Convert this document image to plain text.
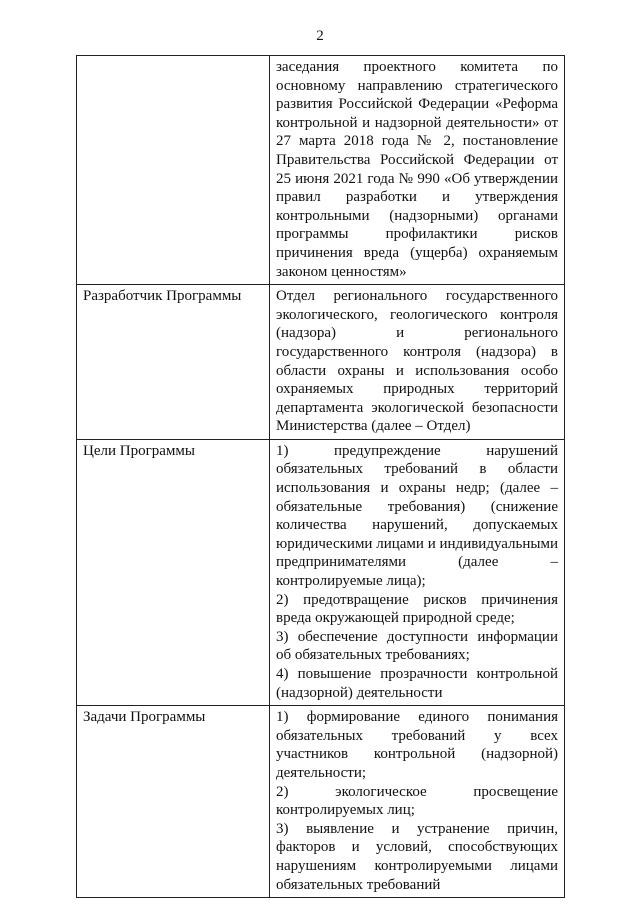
2

	заседания проектного комитета по основному направлению стратегического развития Российской Федерации «Реформа контрольной и надзорной деятельности» от 27 марта 2018 года № 2, постановление Правительства Российской Федерации от 25 июня 2021 года № 990 «Об утверждении правил разработки и утверждения контрольными (надзорными) органами программы профилактики рисков причинения вреда (ущерба) охраняемым законом ценностям»

Разработчик Программы	Отдел регионального государственного экологического, геологического контроля (надзора) и регионального государственного контроля (надзора) в области охраны и использования особо охраняемых природных территорий департамента экологической безопасности Министерства (далее – Отдел)

Цели Программы	1) предупреждение нарушений обязательных требований в области использования и охраны недр; (далее – обязательные требования) (снижение количества нарушений, допускаемых юридическими лицами и индивидуальными предпринимателями (далее – контролируемые лица);
2) предотвращение рисков причинения вреда окружающей природной среде;
3) обеспечение доступности информации об обязательных требованиях;
4) повышение прозрачности контрольной (надзорной) деятельности

Задачи Программы	1) формирование единого понимания обязательных требований у всех участников контрольной (надзорной) деятельности;
2) экологическое просвещение контролируемых лиц;
3) выявление и устранение причин, факторов и условий, способствующих нарушениям контролируемыми лицами обязательных требований
